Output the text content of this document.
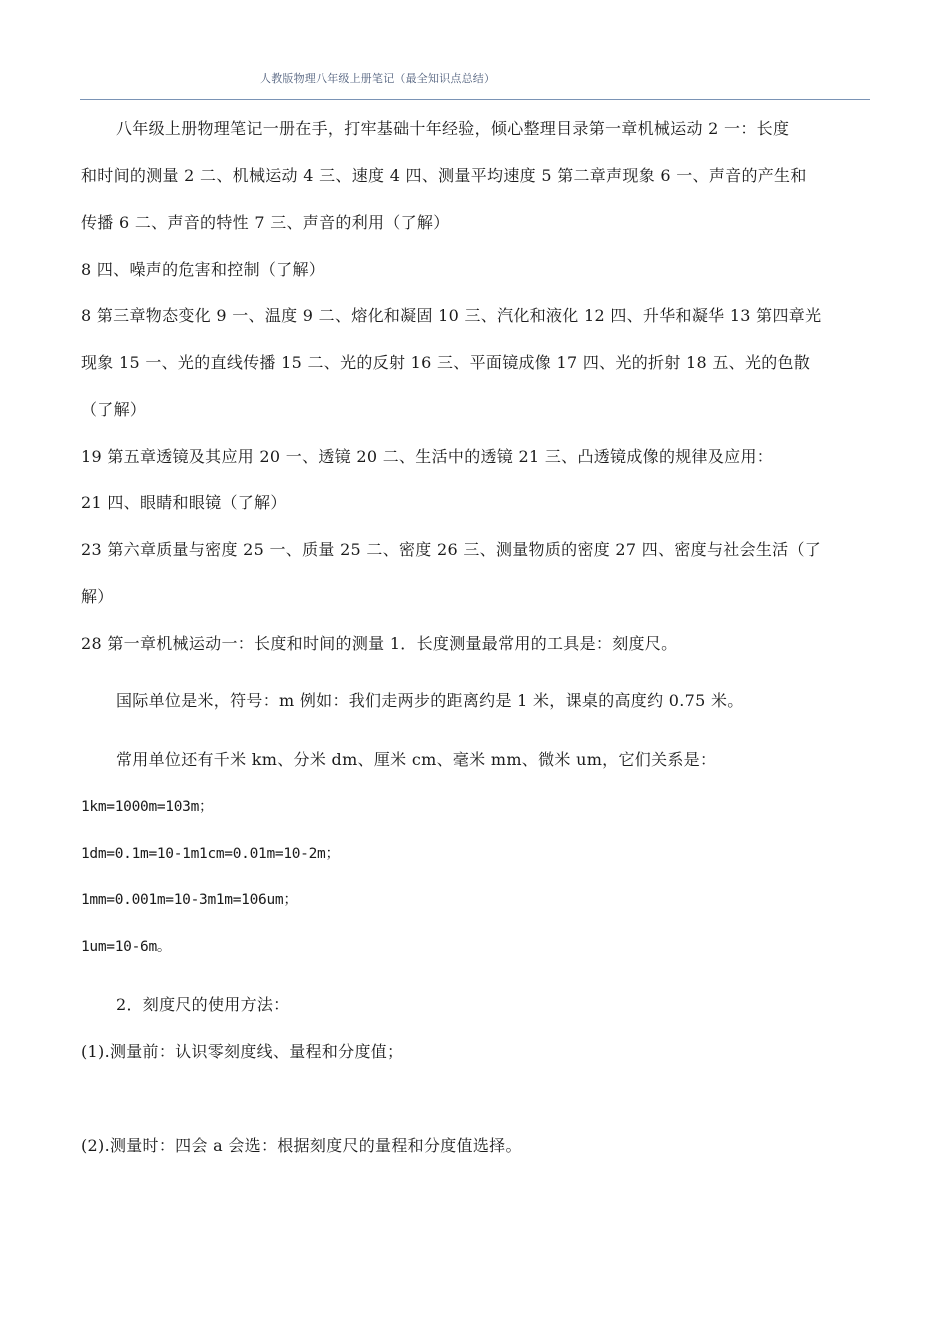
人教版物理八年级上册笔记（最全知识点总结）
八年级上册物理笔记一册在手，打牢基础十年经验，倾心整理目录第一章机械运动 2 一：长度
和时间的测量 2 二、机械运动 4 三、速度 4 四、测量平均速度 5 第二章声现象 6 一、声音的产生和
传播 6 二、声音的特性 7 三、声音的利用（了解）
8 四、噪声的危害和控制（了解）
8 第三章物态变化 9 一、温度 9 二、熔化和凝固 10 三、汽化和液化 12 四、升华和凝华 13 第四章光
现象 15 一、光的直线传播 15 二、光的反射 16 三、平面镜成像 17 四、光的折射 18 五、光的色散
（了解）
19 第五章透镜及其应用 20 一、透镜 20 二、生活中的透镜 21 三、凸透镜成像的规律及应用：
21 四、眼睛和眼镜（了解）
23 第六章质量与密度 25 一、质量 25 二、密度 26 三、测量物质的密度 27 四、密度与社会生活（了
解）
28 第一章机械运动一：长度和时间的测量 1．长度测量最常用的工具是：刻度尺。
国际单位是米，符号：m 例如：我们走两步的距离约是 1 米，课桌的高度约 0.75 米。
常用单位还有千米 km、分米 dm、厘米 cm、毫米 mm、微米 um，它们关系是：
1km=1000m=103m；
1dm=0.1m=10-1m1cm=0.01m=10-2m；
1mm=0.001m=10-3m1m=106um；
1um=10-6m。
2．刻度尺的使用方法：
(1).测量前：认识零刻度线、量程和分度值；
(2).测量时：四会 a 会选：根据刻度尺的量程和分度值选择。
